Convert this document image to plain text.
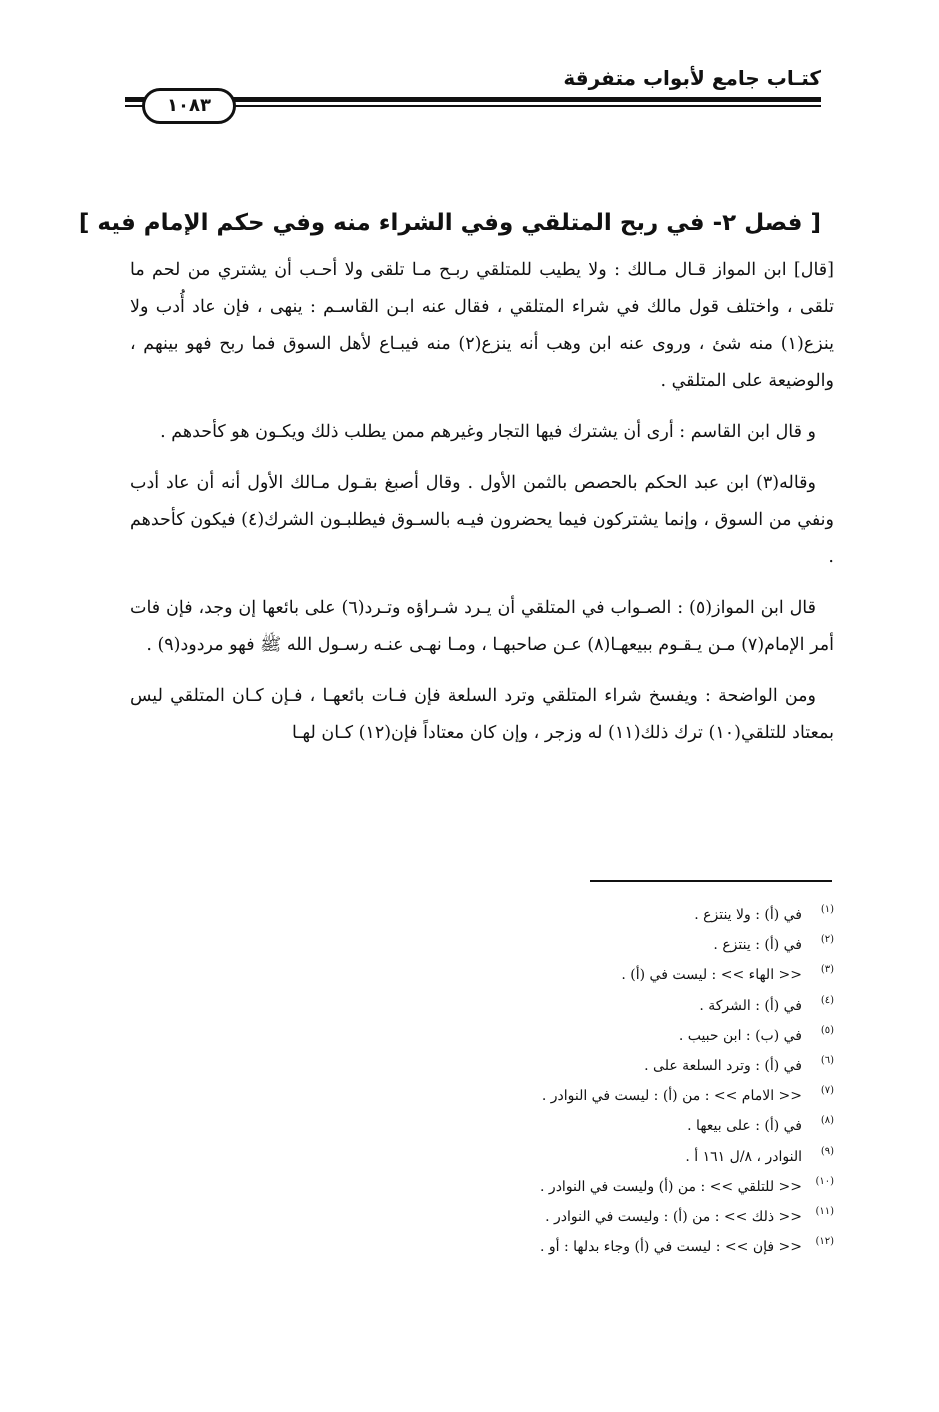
كتـاب جامع لأبواب متفرقة
١٠٨٣
[ فصل ٢- في ربح المتلقي وفي الشراء منه وفي حكم الإمام فيه ]

[قال] ابن المواز قـال مـالك : ولا يطيب للمتلقي ربـح مـا تلقى ولا أحـب أن يشتري من لحم ما تلقى ، واختلف قول مالك في شراء المتلقي ، فقال عنه ابـن القاسـم : ينهى ، فإن عاد أُدب ولا ينزع(١) منه شئ ، وروى عنه ابن وهب أنه ينزع(٢) منه فيبـاع لأهل السوق فما ربح فهو بينهم ، والوضيعة على المتلقي .

و قال ابن القاسم : أرى أن يشترك فيها التجار وغيرهم ممن يطلب ذلك ويكـون هو كأحدهم .

وقاله(٣) ابن عبد الحكم بالحصص بالثمن الأول . وقال أصبغ بقـول مـالك الأول أنه أن عاد أدب ونفي من السوق ، وإنما يشتركون فيما يحضرون فيـه بالسـوق فيطلبـون الشرك(٤) فيكون كأحدهم .

قال ابن المواز(٥) : الصـواب في المتلقي أن يـرد شـراؤه وتـرد(٦) على بائعها إن وجد، فإن فات أمر الإمام(٧) مـن يـقـوم ببيعهـا(٨) عـن صاحبهـا ، ومـا نهـى عنـه رسـول الله ﷺ فهو مردود(٩) .

ومن الواضحة : ويفسخ شراء المتلقي وترد السلعة فإن فـات بائعهـا ، فـإن كـان المتلقي ليس بمعتاد للتلقي(١٠) ترك ذلك(١١) له وزجر ، وإن كان معتاداً فإن(١٢) كـان لهـا

(١)
في (أ) : ولا ينتزع .
(٢)
في (أ) : ينتزع .
(٣)
<< الهاء >> : ليست في (أ) .
(٤)
في (أ) : الشركة .
(٥)
في (ب) : ابن حبيب .
(٦)
في (أ) : وترد السلعة على .
(٧)
<< الامام >> : من (أ) : ليست في النوادر .
(٨)
في (أ) : على بيعها .
(٩)
النوادر ، ٨/ل ١٦١ أ .
(١٠)
<< للتلقي >> : من (أ) وليست في النوادر .
(١١)
<< ذلك >> : من (أ) : وليست في النوادر .
(١٢)
<< فإن >> : ليست في (أ) وجاء بدلها : أو .
